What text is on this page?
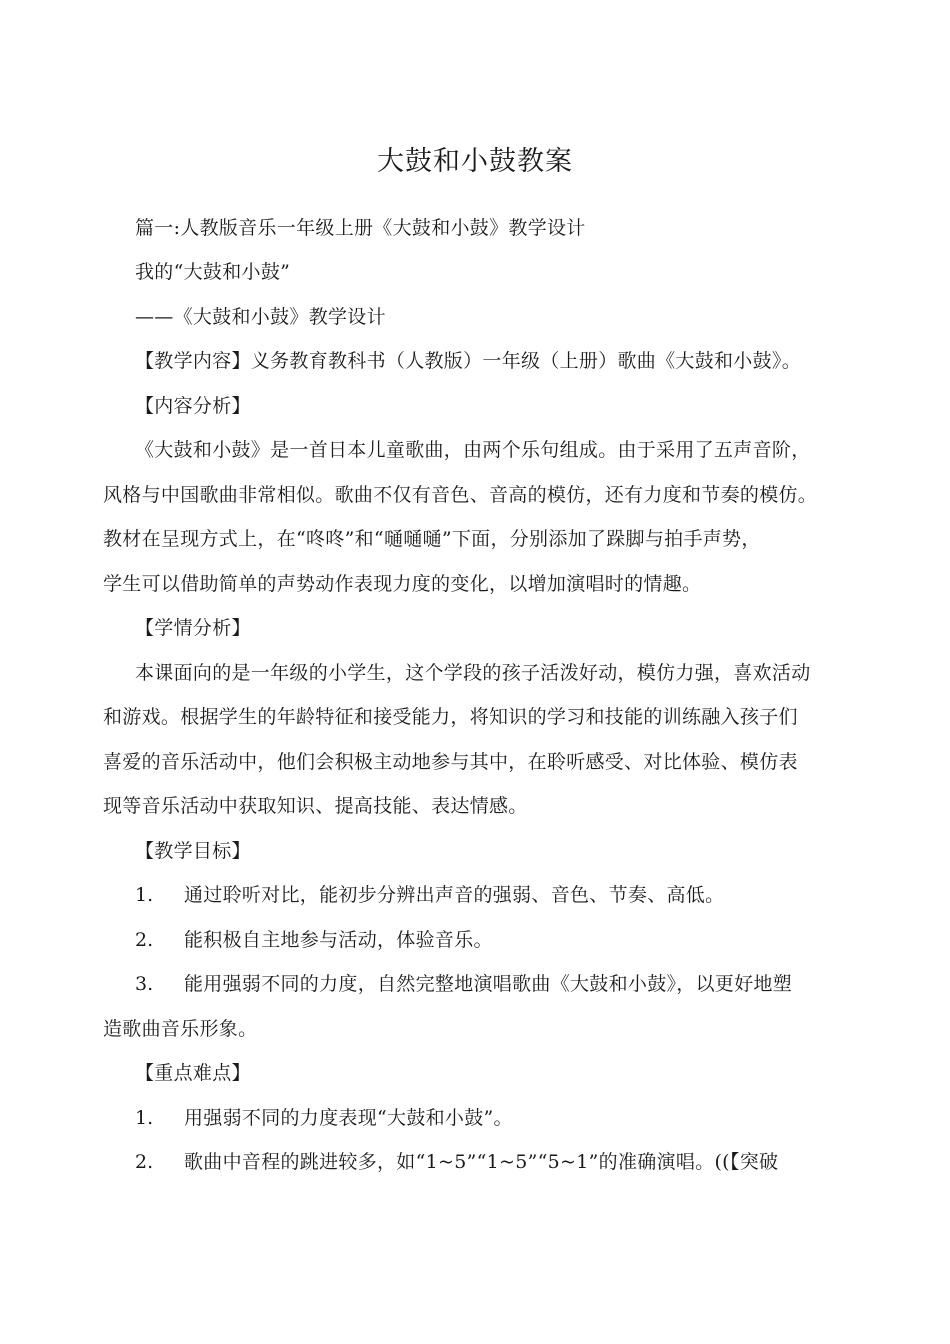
大鼓和小鼓教案
篇一:人教版音乐一年级上册《大鼓和小鼓》教学设计
我的“大鼓和小鼓”
——《大鼓和小鼓》教学设计
【教学内容】义务教育教科书（人教版）一年级（上册）歌曲《大鼓和小鼓》。
【内容分析】
《大鼓和小鼓》是一首日本儿童歌曲，由两个乐句组成。由于采用了五声音阶，
风格与中国歌曲非常相似。歌曲不仅有音色、音高的模仿，还有力度和节奏的模仿。
教材在呈现方式上，在“咚咚”和“嗵嗵嗵”下面，分别添加了跺脚与拍手声势，
学生可以借助简单的声势动作表现力度的变化，以增加演唱时的情趣。
【学情分析】
本课面向的是一年级的小学生，这个学段的孩子活泼好动，模仿力强，喜欢活动
和游戏。根据学生的年龄特征和接受能力，将知识的学习和技能的训练融入孩子们
喜爱的音乐活动中，他们会积极主动地参与其中，在聆听感受、对比体验、模仿表
现等音乐活动中获取知识、提高技能、表达情感。
【教学目标】
1. 通过聆听对比，能初步分辨出声音的强弱、音色、节奏、高低。
2. 能积极自主地参与活动，体验音乐。
3. 能用强弱不同的力度，自然完整地演唱歌曲《大鼓和小鼓》，以更好地塑
造歌曲音乐形象。
【重点难点】
1. 用强弱不同的力度表现“大鼓和小鼓”。
2. 歌曲中音程的跳进较多，如“1~5”“1~5”“5~1”的准确演唱。((【突破
